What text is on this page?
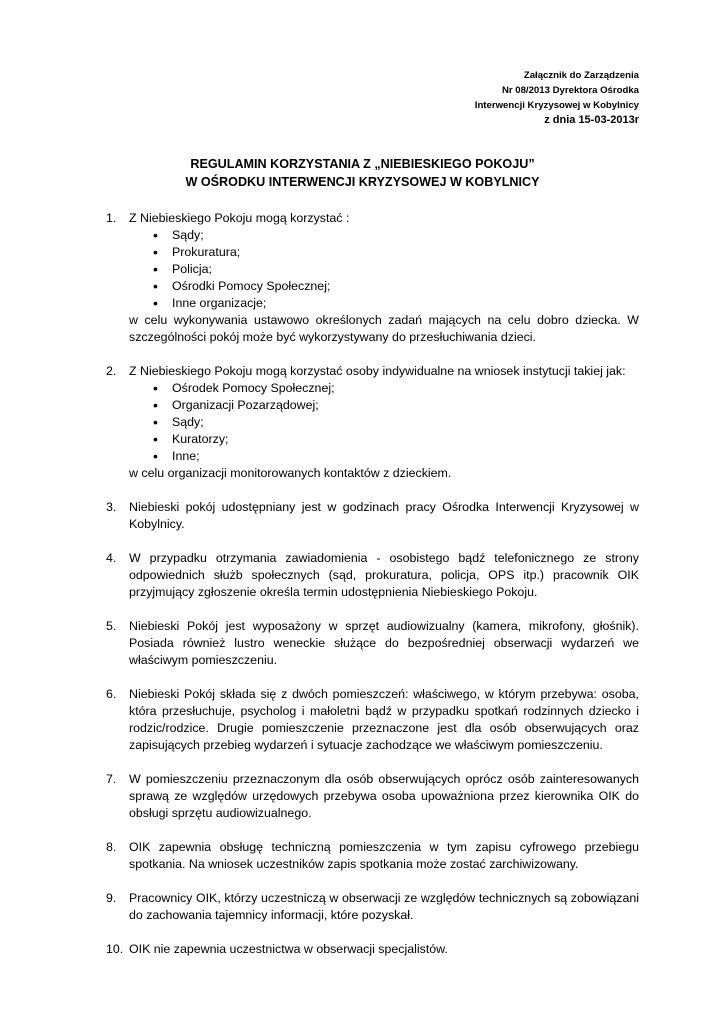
Załącznik do Zarządzenia
Nr 08/2013 Dyrektora Ośrodka
Interwencji Kryzysowej w Kobylnicy
z dnia 15-03-2013r
REGULAMIN KORZYSTANIA Z „NIEBIESKIEGO POKOJU”
W OŚRODKU INTERWENCJI KRYZYSOWEJ W KOBYLNICY
1. Z Niebieskiego Pokoju mogą korzystać :

• Sądy;
• Prokuratura;
• Policja;
• Ośrodki Pomocy Społecznej;
• Inne organizacje;

w celu wykonywania ustawowo określonych zadań mających na celu dobro dziecka. W szczególności pokój może być wykorzystywany do przesłuchiwania dzieci.

2. Z Niebieskiego Pokoju mogą korzystać osoby indywidualne na wniosek instytucji takiej jak:

• Ośrodek Pomocy Społecznej;
• Organizacji Pozarządowej;
• Sądy;
• Kuratorzy;
• Inne;

w celu organizacji monitorowanych kontaktów z dzieckiem.

3. Niebieski pokój udostępniany jest w godzinach pracy Ośrodka Interwencji Kryzysowej w Kobylnicy.

4. W przypadku otrzymania zawiadomienia - osobistego bądź telefonicznego ze strony odpowiednich służb społecznych (sąd, prokuratura, policja, OPS itp.) pracownik OIK przyjmujący zgłoszenie określa termin udostępnienia Niebieskiego Pokoju.

5. Niebieski Pokój jest wyposażony w sprzęt audiowizualny (kamera, mikrofony, głośnik). Posiada również lustro weneckie służące do bezpośredniej obserwacji wydarzeń we właściwym pomieszczeniu.

6. Niebieski Pokój składa się z dwóch pomieszczeń: właściwego, w którym przebywa: osoba, która przesłuchuje, psycholog i małoletni bądź w przypadku spotkań rodzinnych dziecko i rodzic/rodzice. Drugie pomieszczenie przeznaczone jest dla osób obserwujących oraz zapisujących przebieg wydarzeń i sytuacje zachodzące we właściwym pomieszczeniu.

7. W pomieszczeniu przeznaczonym dla osób obserwujących oprócz osób zainteresowanych sprawą ze względów urzędowych przebywa osoba upoważniona przez kierownika OIK do obsługi sprzętu audiowizualnego.

8. OIK zapewnia obsługę techniczną pomieszczenia w tym zapisu cyfrowego przebiegu spotkania. Na wniosek uczestników zapis spotkania może zostać zarchiwizowany.

9. Pracownicy OIK, którzy uczestniczą w obserwacji ze względów technicznych są zobowiązani do zachowania tajemnicy informacji, które pozyskał.

10. OIK nie zapewnia uczestnictwa w obserwacji specjalistów.
